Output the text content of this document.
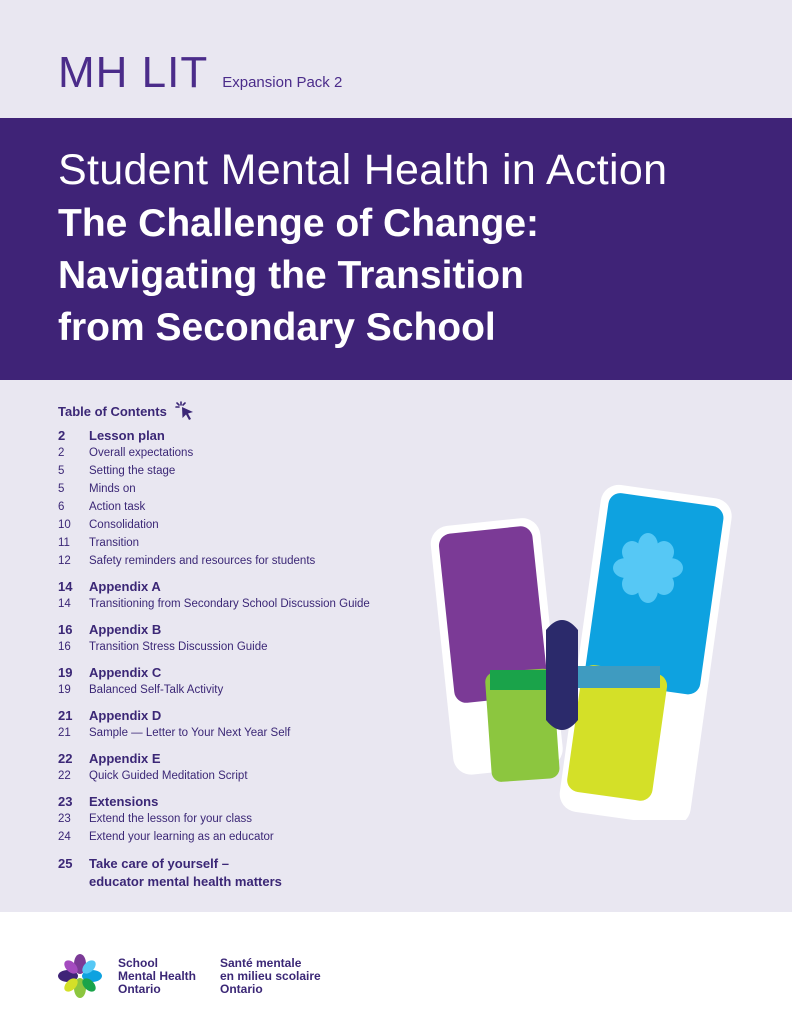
MH LIT Expansion Pack 2
Student Mental Health in Action
The Challenge of Change:
Navigating the Transition
from Secondary School
Table of Contents
2	Lesson plan
2	Overall expectations
5	Setting the stage
5	Minds on
6	Action task
10	Consolidation
11	Transition
12	Safety reminders and resources for students
14	Appendix A
14	Transitioning from Secondary School Discussion Guide
16	Appendix B
16	Transition Stress Discussion Guide
19	Appendix C
19	Balanced Self-Talk Activity
21	Appendix D
21	Sample — Letter to Your Next Year Self
22	Appendix E
22	Quick Guided Meditation Script
23	Extensions
23	Extend the lesson for your class
24	Extend your learning as an educator
25	Take care of yourself –
educator mental health matters
School
Mental Health
Ontario
Santé mentale
en milieu scolaire
Ontario
